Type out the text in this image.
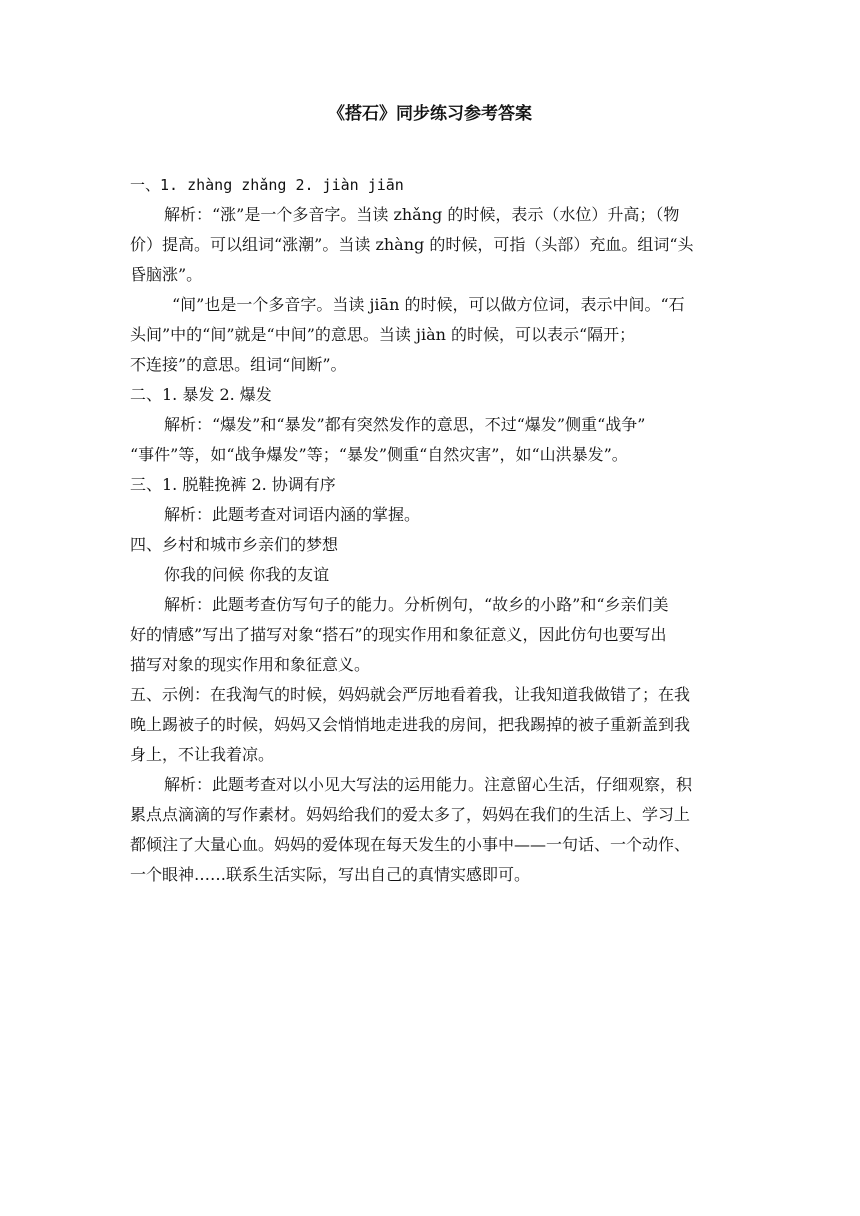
《搭石》同步练习参考答案
一、1. zhàng zhǎng 2. jiàn jiān
解析：“涨”是一个多音字。当读 zhǎng 的时候，表示（水位）升高；（物
价）提高。可以组词“涨潮”。当读 zhàng 的时候，可指（头部）充血。组词“头
昏脑涨”。
“间”也是一个多音字。当读 jiān 的时候，可以做方位词，表示中间。“石
头间”中的“间”就是“中间”的意思。当读 jiàn 的时候，可以表示“隔开；
不连接”的意思。组词“间断”。
二、1. 暴发 2. 爆发
解析：“爆发”和“暴发”都有突然发作的意思，不过“爆发”侧重“战争”
“事件”等，如“战争爆发”等；“暴发”侧重“自然灾害”，如“山洪暴发”。
三、1. 脱鞋挽裤 2. 协调有序
解析：此题考查对词语内涵的掌握。
四、乡村和城市乡亲们的梦想
你我的问候 你我的友谊
解析：此题考查仿写句子的能力。分析例句，“故乡的小路”和“乡亲们美
好的情感”写出了描写对象“搭石”的现实作用和象征意义，因此仿句也要写出
描写对象的现实作用和象征意义。
五、示例：在我淘气的时候，妈妈就会严厉地看着我，让我知道我做错了；在我
晚上踢被子的时候，妈妈又会悄悄地走进我的房间，把我踢掉的被子重新盖到我
身上，不让我着凉。
解析：此题考查对以小见大写法的运用能力。注意留心生活，仔细观察，积
累点点滴滴的写作素材。妈妈给我们的爱太多了，妈妈在我们的生活上、学习上
都倾注了大量心血。妈妈的爱体现在每天发生的小事中——一句话、一个动作、
一个眼神……联系生活实际，写出自己的真情实感即可。
